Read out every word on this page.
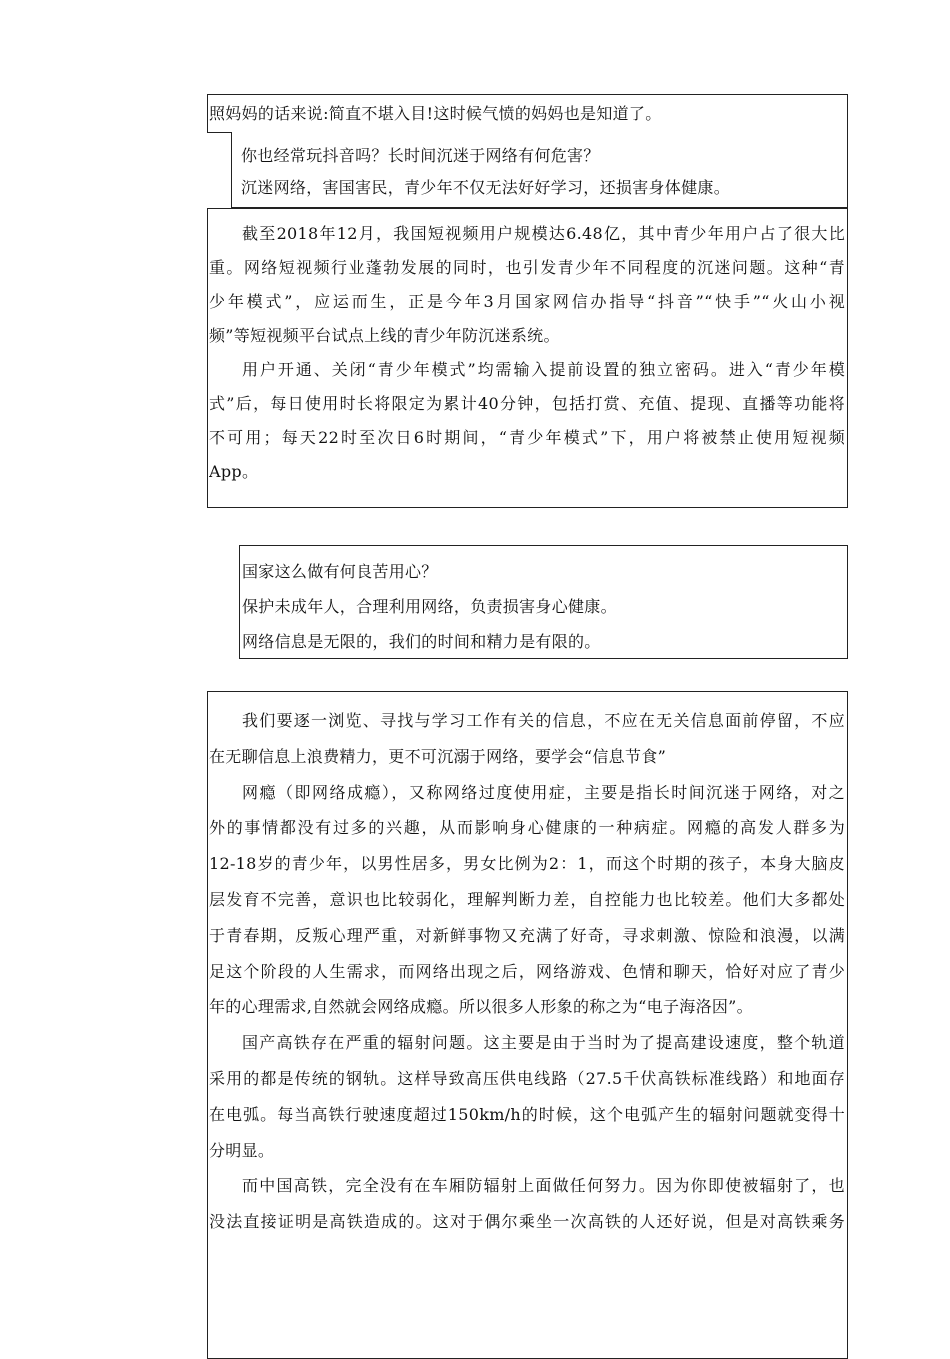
照妈妈的话来说:简直不堪入目!这时候气愤的妈妈也是知道了。
你也经常玩抖音吗？长时间沉迷于网络有何危害？
沉迷网络，害国害民，青少年不仅无法好好学习，还损害身体健康。
截至2018年12月，我国短视频用户规模达6.48亿，其中青少年用户占了很大比
重。网络短视频行业蓬勃发展的同时，也引发青少年不同程度的沉迷问题。这种“青
少年模式”，应运而生，正是今年3月国家网信办指导“抖音”“快手”“火山小视
频”等短视频平台试点上线的青少年防沉迷系统。
用户开通、关闭“青少年模式”均需输入提前设置的独立密码。进入“青少年模
式”后，每日使用时长将限定为累计40分钟，包括打赏、充值、提现、直播等功能将
不可用；每天22时至次日6时期间，“青少年模式”下，用户将被禁止使用短视频
App。
国家这么做有何良苦用心？
保护未成年人，合理利用网络，负责损害身心健康。
网络信息是无限的，我们的时间和精力是有限的。
我们要逐一浏览、寻找与学习工作有关的信息，不应在无关信息面前停留，不应
在无聊信息上浪费精力，更不可沉溺于网络，要学会“信息节食”
网瘾（即网络成瘾），又称网络过度使用症，主要是指长时间沉迷于网络，对之
外的事情都没有过多的兴趣，从而影响身心健康的一种病症。网瘾的高发人群多为
12-18岁的青少年，以男性居多，男女比例为2：1，而这个时期的孩子，本身大脑皮
层发育不完善，意识也比较弱化，理解判断力差，自控能力也比较差。他们大多都处
于青春期，反叛心理严重，对新鲜事物又充满了好奇，寻求刺激、惊险和浪漫，以满
足这个阶段的人生需求，而网络出现之后，网络游戏、色情和聊天，恰好对应了青少
年的心理需求,自然就会网络成瘾。所以很多人形象的称之为“电子海洛因”。
国产高铁存在严重的辐射问题。这主要是由于当时为了提高建设速度，整个轨道
采用的都是传统的钢轨。这样导致高压供电线路（27.5千伏高铁标准线路）和地面存
在电弧。每当高铁行驶速度超过150km/h的时候，这个电弧产生的辐射问题就变得十
分明显。
而中国高铁，完全没有在车厢防辐射上面做任何努力。因为你即使被辐射了，也
没法直接证明是高铁造成的。这对于偶尔乘坐一次高铁的人还好说，但是对高铁乘务
